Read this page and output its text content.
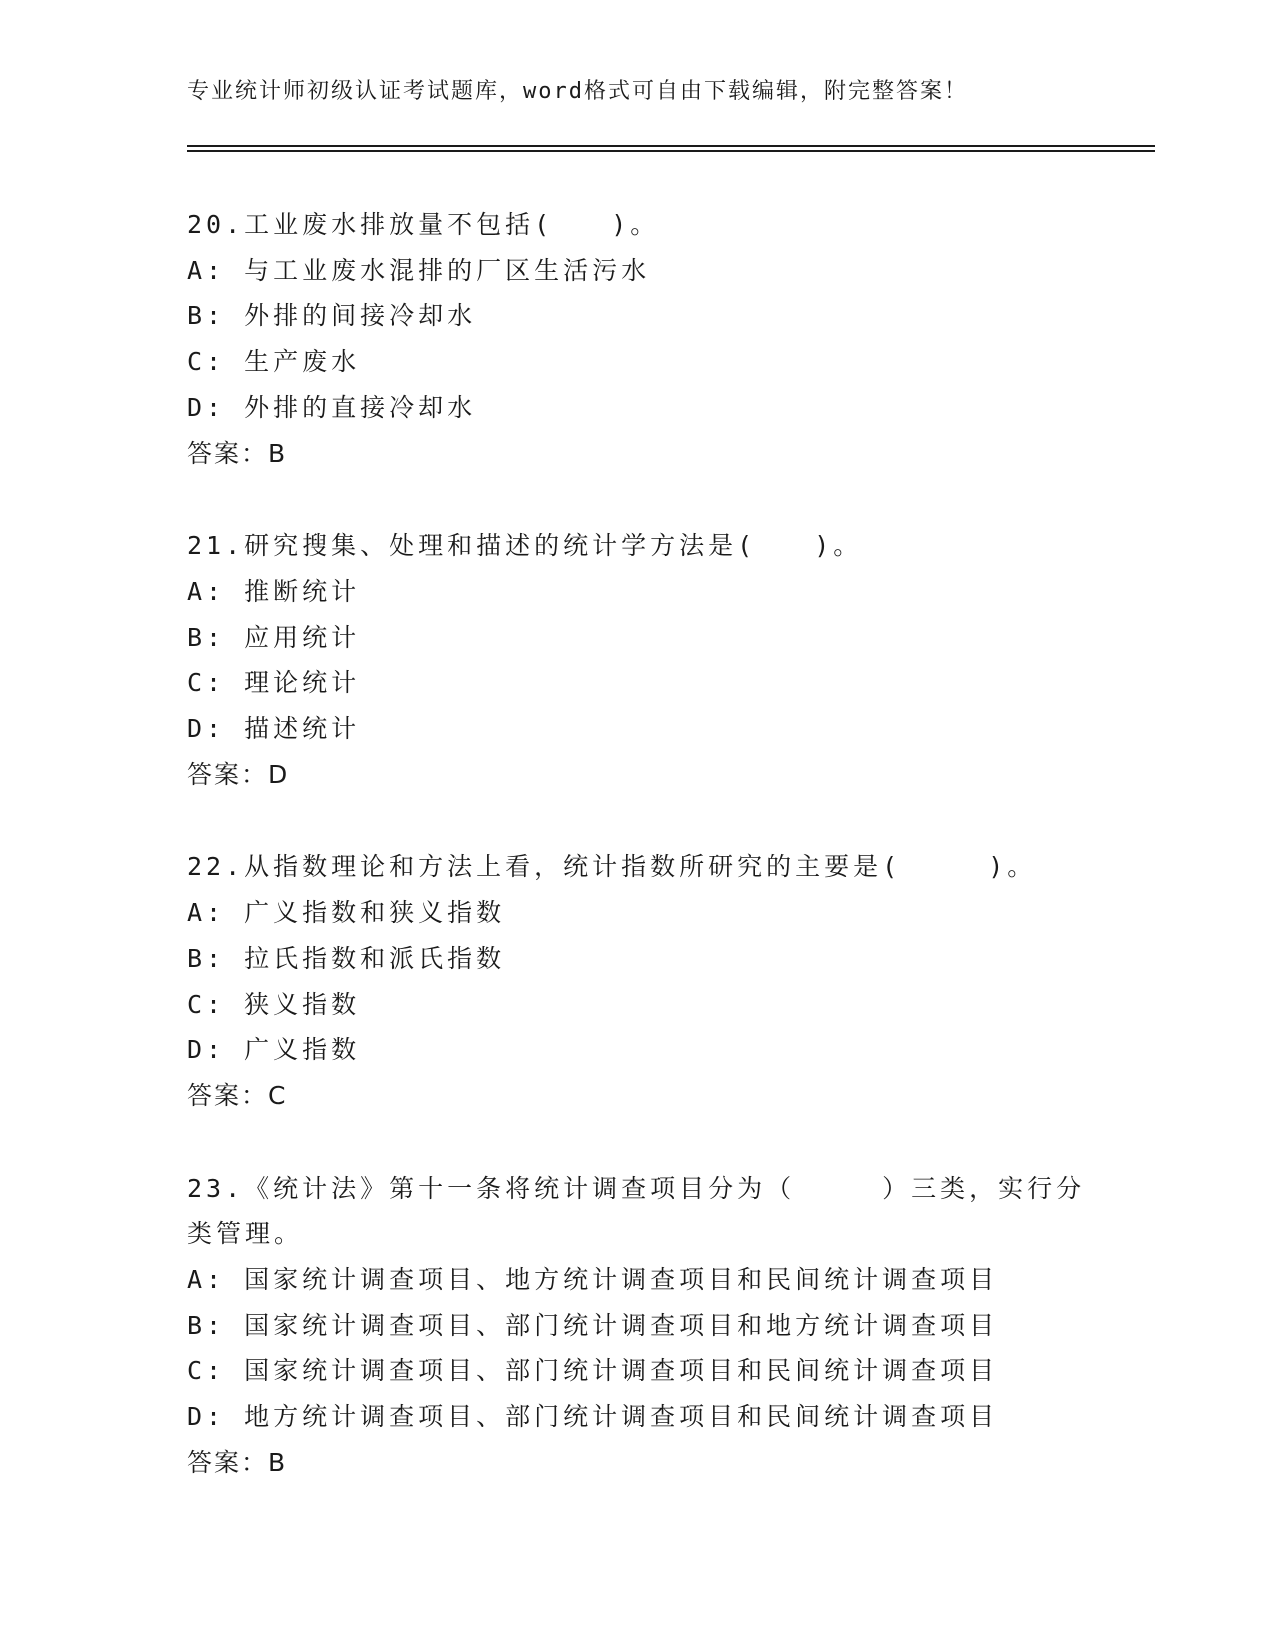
专业统计师初级认证考试题库，word格式可自由下载编辑，附完整答案！
20.工业废水排放量不包括(　　)。
A: 与工业废水混排的厂区生活污水
B: 外排的间接冷却水
C: 生产废水
D: 外排的直接冷却水
答案：B
21.研究搜集、处理和描述的统计学方法是(　　)。
A: 推断统计
B: 应用统计
C: 理论统计
D: 描述统计
答案：D
22.从指数理论和方法上看，统计指数所研究的主要是(　　　)。
A: 广义指数和狭义指数
B: 拉氏指数和派氏指数
C: 狭义指数
D: 广义指数
答案：C
23.《统计法》第十一条将统计调查项目分为（　　　）三类，实行分类管理。
A: 国家统计调查项目、地方统计调查项目和民间统计调查项目
B: 国家统计调查项目、部门统计调查项目和地方统计调查项目
C: 国家统计调查项目、部门统计调查项目和民间统计调查项目
D: 地方统计调查项目、部门统计调查项目和民间统计调查项目
答案：B
